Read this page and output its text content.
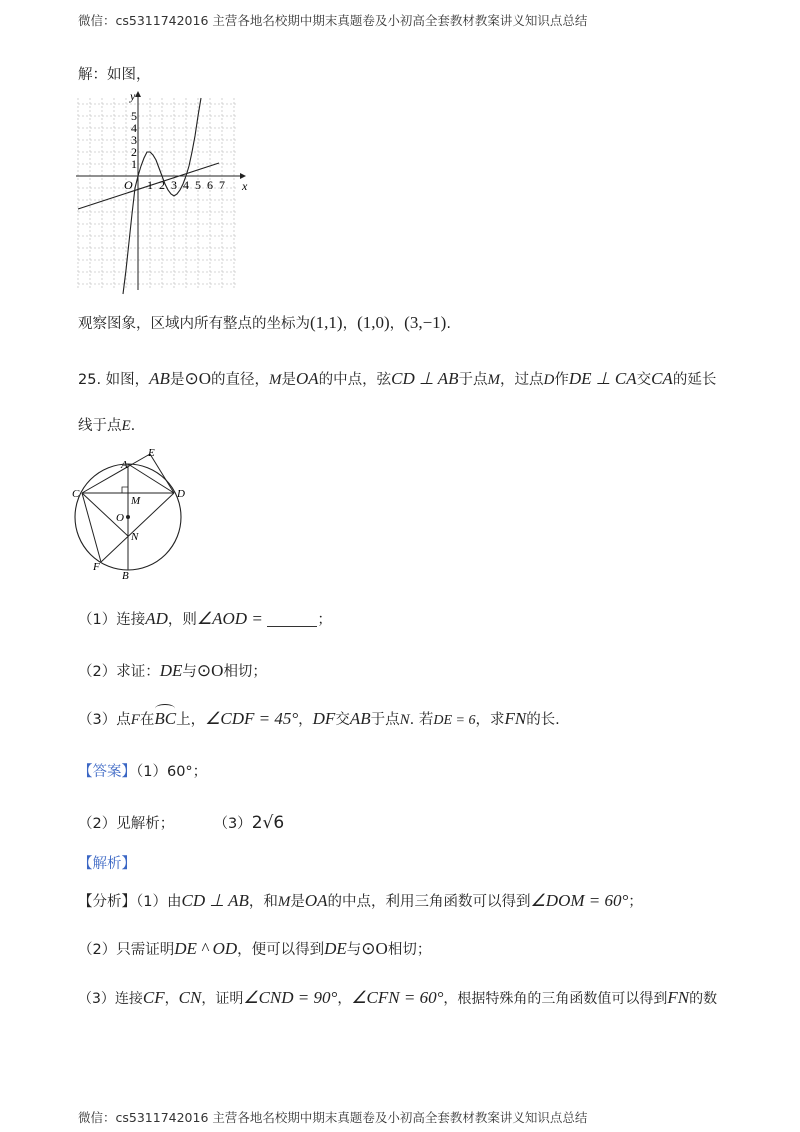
微信：cs5311742016 主营各地名校期中期末真题卷及小初高全套教材教案讲义知识点总结
解：如图，
y
x
O
5
4
3
2
1
1 2 3 4 5 6 7
观察图象，区域内所有整点的坐标为(1,1)，(1,0)，(3,−1).
25. 如图，AB是⊙O的直径，M是OA的中点，弦CD ⊥ AB于点M，过点D作DE ⊥ CA交CA的延长
线于点E.
A
E
C	D
M
O
N
F
B
（1）连接AD，则∠AOD =	；
（2）求证：DE与⊙O相切；
（3）点F在BC上，∠CDF = 45°，DF交AB于点N. 若DE = 6，求FN的长.
【答案】（1）60°；
（2）见解析；	（3）2√6
【解析】
【分析】（1）由CD ⊥ AB，和M是OA的中点，利用三角函数可以得到∠DOM = 60°；
（2）只需证明DE ^ OD，便可以得到DE与⊙O相切；
（3）连接CF，CN，证明∠CND = 90°，∠CFN = 60°，根据特殊角的三角函数值可以得到FN的数
微信：cs5311742016 主营各地名校期中期末真题卷及小初高全套教材教案讲义知识点总结
